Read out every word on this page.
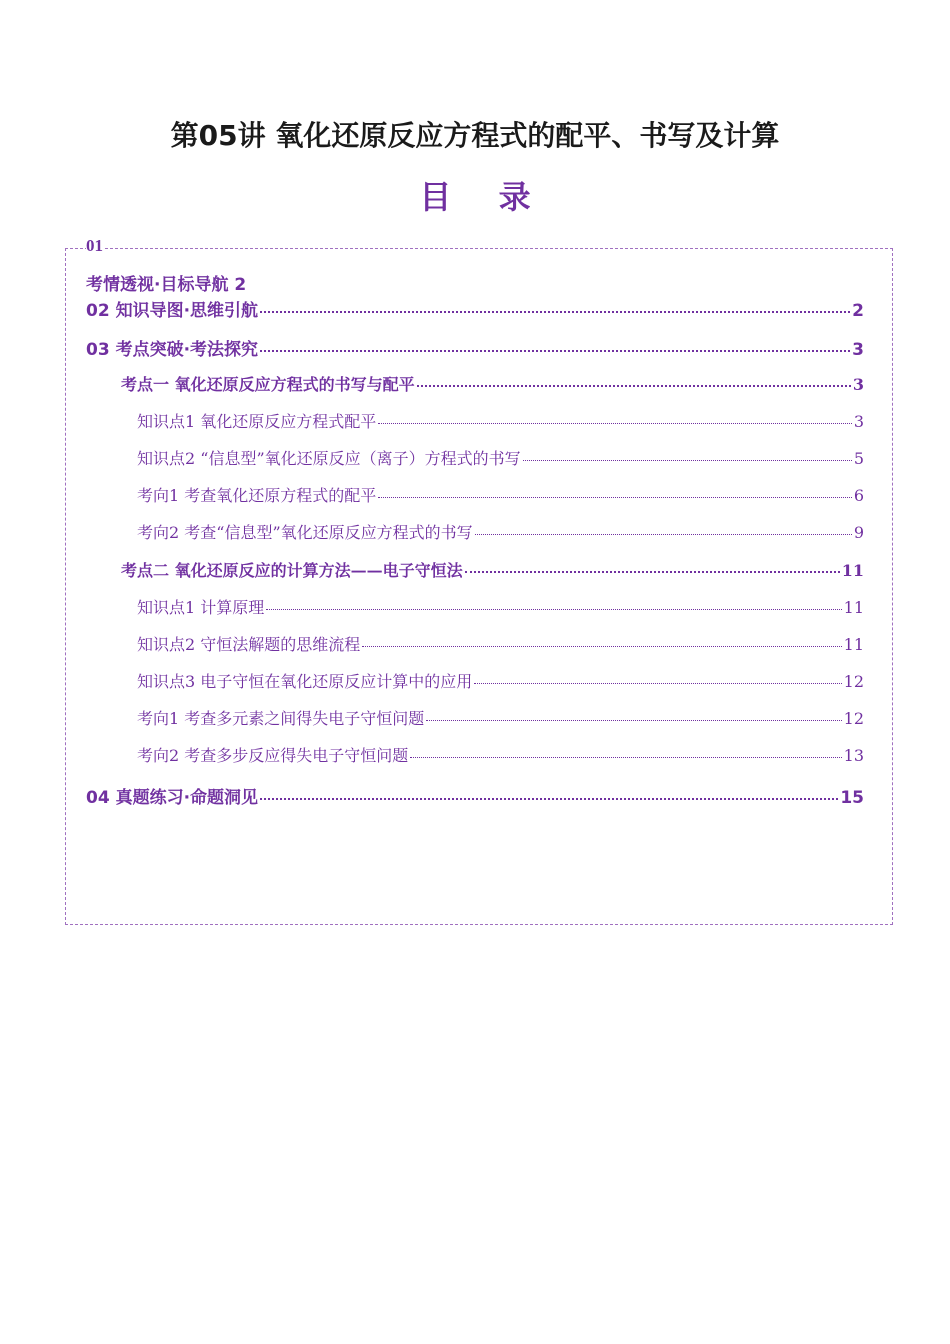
第05讲 氧化还原反应方程式的配平、书写及计算
目 录
01
考情透视·目标导航 2
02 知识导图·思维引航	2
03 考点突破·考法探究	3
考点一 氧化还原反应方程式的书写与配平	3
知识点1 氧化还原反应方程式配平	3
知识点2 “信息型”氧化还原反应（离子）方程式的书写	5
考向1 考查氧化还原方程式的配平	6
考向2 考查“信息型”氧化还原反应方程式的书写	9
考点二 氧化还原反应的计算方法——电子守恒法	11
知识点1 计算原理	11
知识点2 守恒法解题的思维流程	11
知识点3 电子守恒在氧化还原反应计算中的应用	12
考向1 考查多元素之间得失电子守恒问题	12
考向2 考查多步反应得失电子守恒问题	13
04 真题练习·命题洞见	15
